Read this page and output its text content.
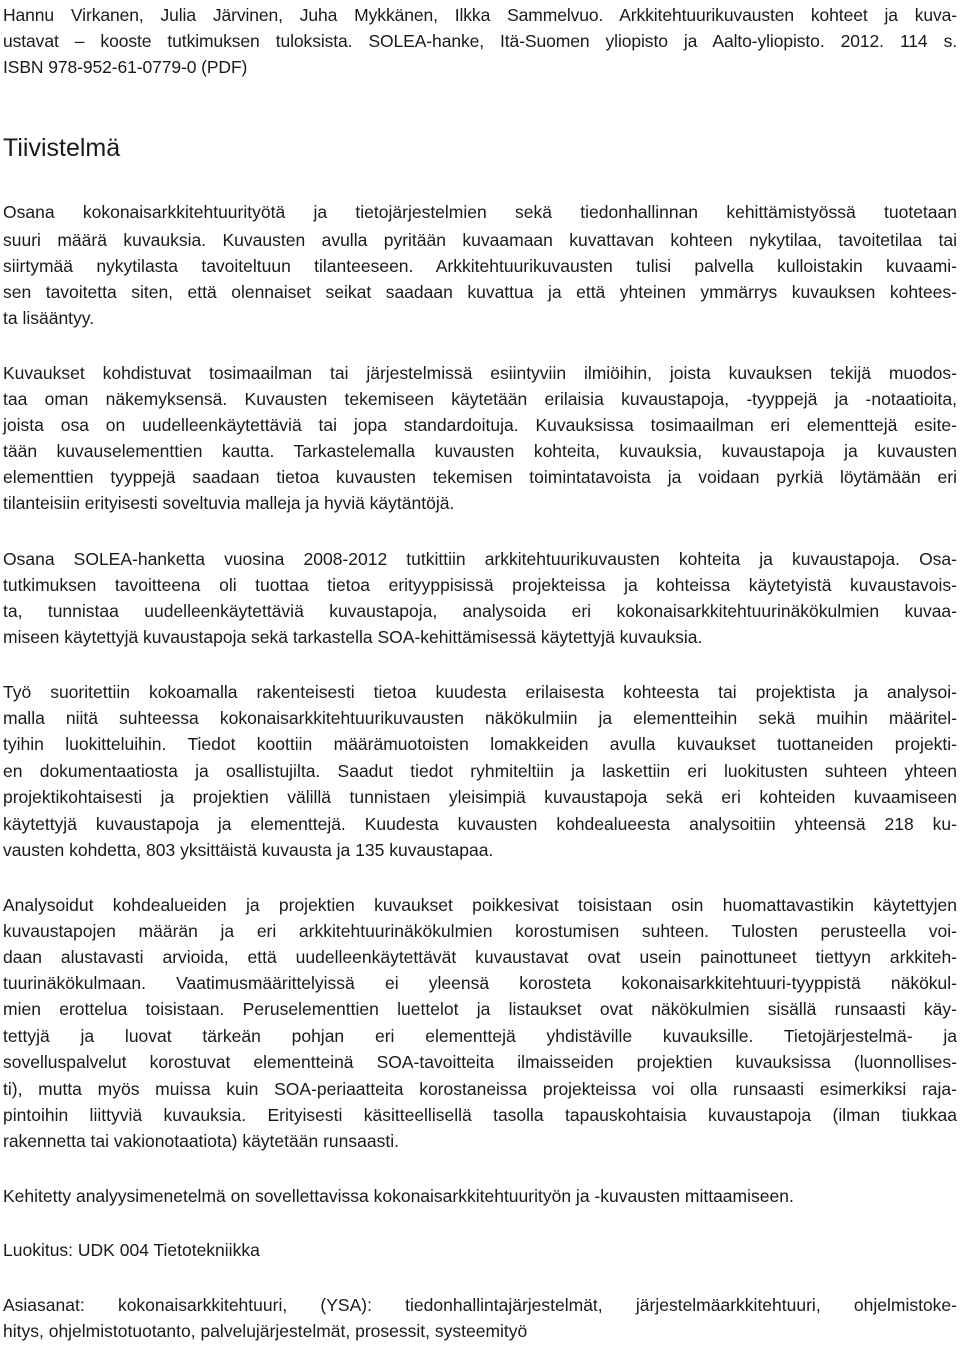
Hannu Virkanen, Julia Järvinen, Juha Mykkänen, Ilkka Sammelvuo. Arkkitehtuurikuvausten kohteet ja kuva-
ustavat – kooste tutkimuksen tuloksista. SOLEA-hanke, Itä-Suomen yliopisto ja Aalto-yliopisto. 2012. 114 s.
ISBN 978-952-61-0779-0 (PDF)
Tiivistelmä
Osana kokonaisarkkitehtuurityötä ja tietojärjestelmien sekä tiedonhallinnan kehittämistyössä tuotetaan
suuri määrä kuvauksia. Kuvausten avulla pyritään kuvaamaan kuvattavan kohteen nykytilaa, tavoitetilaa tai
siirtymää nykytilasta tavoiteltuun tilanteeseen. Arkkitehtuurikuvausten tulisi palvella kulloistakin kuvaami-
sen tavoitetta siten, että olennaiset seikat saadaan kuvattua ja että yhteinen ymmärrys kuvauksen kohtees-
ta lisääntyy.
Kuvaukset kohdistuvat tosimaailman tai järjestelmissä esiintyviin ilmiöihin, joista kuvauksen tekijä muodos-
taa oman näkemyksensä. Kuvausten tekemiseen käytetään erilaisia kuvaustapoja, -tyyppejä ja -notaatioita,
joista osa on uudelleenkäytettäviä tai jopa standardoituja. Kuvauksissa tosimaailman eri elementtejä esite-
tään kuvauselementtien kautta. Tarkastelemalla kuvausten kohteita, kuvauksia, kuvaustapoja ja kuvausten
elementtien tyyppejä saadaan tietoa kuvausten tekemisen toimintatavoista ja voidaan pyrkiä löytämään eri
tilanteisiin erityisesti soveltuvia malleja ja hyviä käytäntöjä.
Osana SOLEA-hanketta vuosina 2008-2012 tutkittiin arkkitehtuurikuvausten kohteita ja kuvaustapoja. Osa-
tutkimuksen tavoitteena oli tuottaa tietoa erityyppisissä projekteissa ja kohteissa käytetyistä kuvaustavois-
ta, tunnistaa uudelleenkäytettäviä kuvaustapoja, analysoida eri kokonaisarkkitehtuurinäkökulmien kuvaa-
miseen käytettyjä kuvaustapoja sekä tarkastella SOA-kehittämisessä käytettyjä kuvauksia.
Työ suoritettiin kokoamalla rakenteisesti tietoa kuudesta erilaisesta kohteesta tai projektista ja analysoi-
malla niitä suhteessa kokonaisarkkitehtuurikuvausten näkökulmiin ja elementteihin sekä muihin määritel-
tyihin luokitteluihin. Tiedot koottiin määrämuotoisten lomakkeiden avulla kuvaukset tuottaneiden projekti-
en dokumentaatiosta ja osallistujilta. Saadut tiedot ryhmiteltiin ja laskettiin eri luokitusten suhteen yhteen
projektikohtaisesti ja projektien välillä tunnistaen yleisimpiä kuvaustapoja sekä eri kohteiden kuvaamiseen
käytettyjä kuvaustapoja ja elementtejä. Kuudesta kuvausten kohdealueesta analysoitiin yhteensä 218 ku-
vausten kohdetta, 803 yksittäistä kuvausta ja 135 kuvaustapaa.
Analysoidut kohdealueiden ja projektien kuvaukset poikkesivat toisistaan osin huomattavastikin käytettyjen
kuvaustapojen määrän ja eri arkkitehtuurinäkökulmien korostumisen suhteen. Tulosten perusteella voi-
daan alustavasti arvioida, että uudelleenkäytettävät kuvaustavat ovat usein painottuneet tiettyyn arkkiteh-
tuurinäkökulmaan. Vaatimusmäärittelyissä ei yleensä korosteta kokonaisarkkitehtuuri-tyyppistä näkökul-
mien erottelua toisistaan. Peruselementtien luettelot ja listaukset ovat näkökulmien sisällä runsaasti käy-
tettyjä ja luovat tärkeän pohjan eri elementtejä yhdistäville kuvauksille. Tietojärjestelmä- ja
sovelluspalvelut korostuvat elementteinä SOA-tavoitteita ilmaisseiden projektien kuvauksissa (luonnollises-
ti), mutta myös muissa kuin SOA-periaatteita korostaneissa projekteissa voi olla runsaasti esimerkiksi raja-
pintoihin liittyviä kuvauksia. Erityisesti käsitteellisellä tasolla tapauskohtaisia kuvaustapoja (ilman tiukkaa
rakennetta tai vakionotaatiota) käytetään runsaasti.
Kehitetty analyysimenetelmä on sovellettavissa kokonaisarkkitehtuurityön ja -kuvausten mittaamiseen.
Luokitus: UDK 004 Tietotekniikka
Asiasanat: kokonaisarkkitehtuuri, (YSA): tiedonhallintajärjestelmät, järjestelmäarkkitehtuuri, ohjelmistoke-
hitys, ohjelmistotuotanto, palvelujärjestelmät, prosessit, systeemityö
